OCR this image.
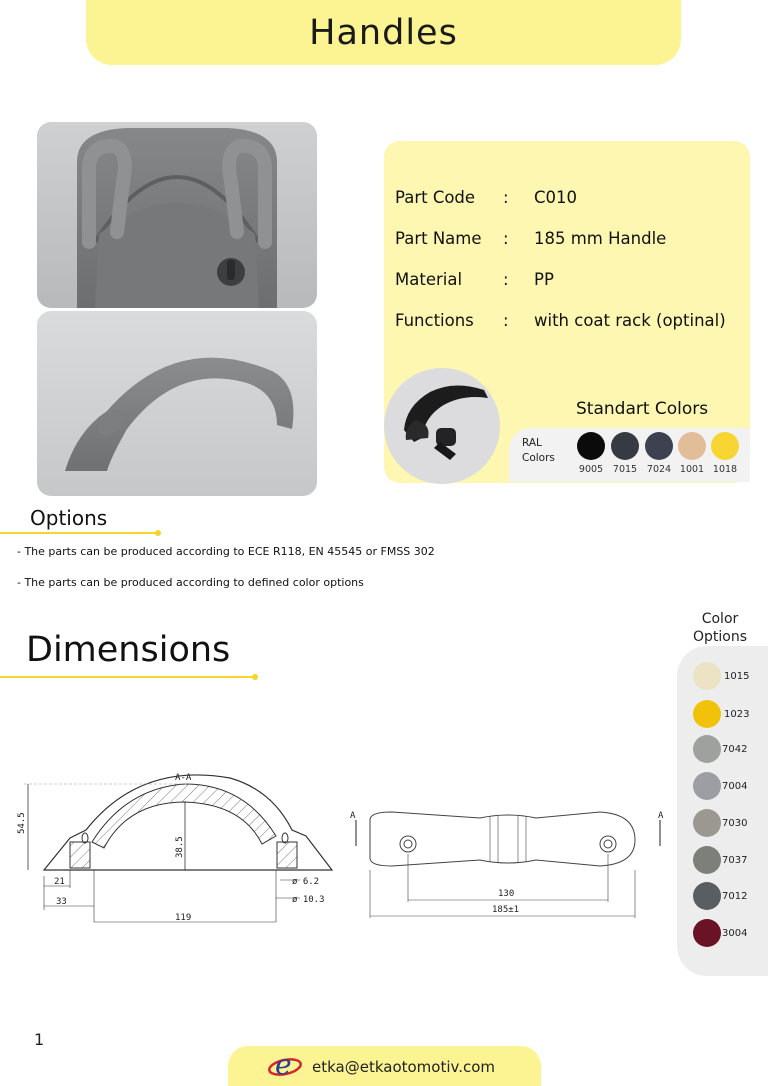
Handles
Part Code : C010
Part Name : 185 mm Handle
Material : PP
Functions : with coat rack (optinal)
Standart Colors
RAL
Colors
9005	7015	7024 1001 1018
Options
- The parts can be produced according to ECE R118, EN 45545 or FMSS 302
- The parts can be produced according to defined color options
Dimensions
A-A
54.5
38.5
21
33
119
ø 6.2
ø 10.3
A	A
130
185±1
Color
Options
1015
1023
7042
7004
7030
7037
7012
3004
1
e etka@etkaotomotiv.com
